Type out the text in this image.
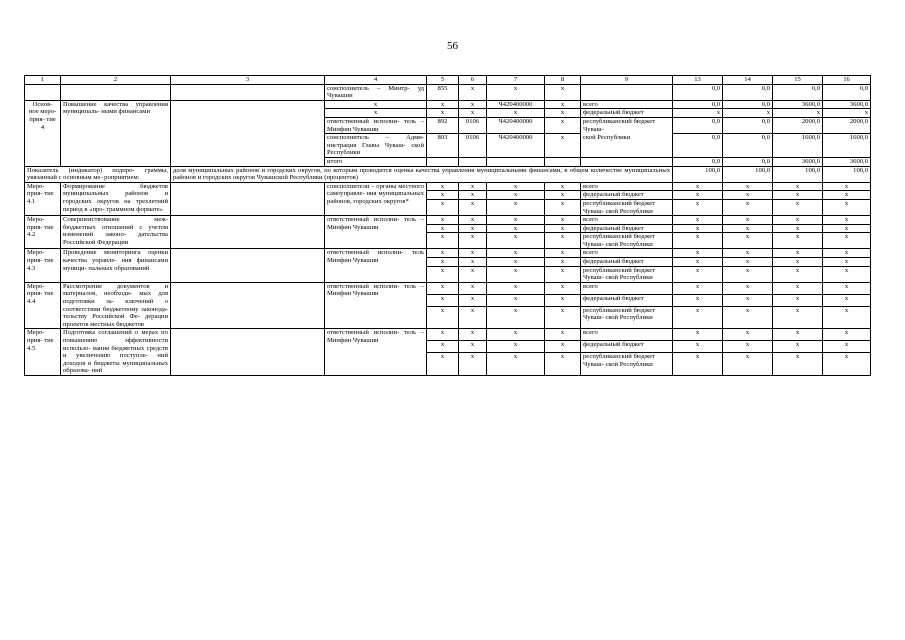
56
1	2	3	4	5	6	7	8	9	13	14	15	16
			соисполнитель – Минтр- уд Чувашии	855	x	x	x		0,0	0,0	0,0	0,0
Основ- ное меро- прия- тие 4	Повышение качества управления муниципаль- ными финансами		x	x	x	Ч420400000	x	всего	0,0	0,0	3600,0	3600,0
			x	x	x	x	x	федеральный бюджет	x	x	x	x
			ответственный исполни- тель – Минфин Чувашии	892	0106	Ч420400000	x	республиканский бюджет Чуваш-	0,0	0,0	2000,0	2000,0
			соисполнитель – Адми- нистрация Главы Чуваш- ской Республики	803	0106	Ч420400000	x	ской Республики	0,0	0,0	1600,0	1600,0
			итого						0,0	0,0	3600,0	3600,0
Показатель (индикатор) подпро- граммы, увязанный с основным ме- роприятием:		доля муниципальных районов и городских округов, по которым проводится оценка качества управления муниципальными финансами, в общем количестве муниципальных районов и городских округов Чувашской Республики (процентов)							100,0	100,0	100,0	100,0
Меро- прия- тие 4.1	Формирование бюджетов муниципальных районов и городских округов на трехлетний период в «про- граммном формате»		соисполнители – органы местного самоуправле- ния муниципальных районов, городских округов*	x	x	x	x	всего	x	x	x	x
				x	x	x	x	федеральный бюджет	x	x	x	x
				x	x	x	x	республиканский бюджет Чуваш- ской Республики	x	x	x	x
Меро- прия- тие 4.2	Совершенствование меж- бюджетных отношений с учетом изменений законо- дательства Российской Федерации		ответственный исполни- тель – Минфин Чувашии	x	x	x	x	всего	x	x	x	x
				x	x	x	x	федеральный бюджет	x	x	x	x
				x	x	x	x	республиканский бюджет Чуваш- ской Республики	x	x	x	x
Меро- прия- тие 4.3	Проведение мониторинга оценки качества управле- ния финансами муници- пальных образований		ответственный исполни- тель Минфин Чувашии	x	x	x	x	всего	x	x	x	x
				x	x	x	x	федеральный бюджет	x	x	x	x
				x	x	x	x	республиканский бюджет Чуваш- ской Республики	x	x	x	x
Меро- прия- тие 4.4	Рассмотрение документов и материалов, необходи- мых для подготовки за- ключений о соответствии бюджетному законода- тельству Российской Фе- дерации проектов местных бюджетов		ответственный исполни- тель – Минфин Чувашии	x	x	x	x	всего	x	x	x	x
				x	x	x	x	федеральный бюджет	x	x	x	x
				x	x	x	x	республиканский бюджет Чуваш- ской Республики	x	x	x	x
Меро- прия- тие 4.5	Подготовка соглашений о мерах по повышению эффективности использо- вания бюджетных средств и увеличению поступле- ний доходов в бюджеты муниципальных образова- ний		ответственный исполни- тель – Минфин Чувашии	x	x	x	x	всего	x	x	x	x
				x	x	x	x	федеральный бюджет	x	x	x	x
				x	x	x	x	республиканский бюджет Чуваш- ской Республики	x	x	x	x
